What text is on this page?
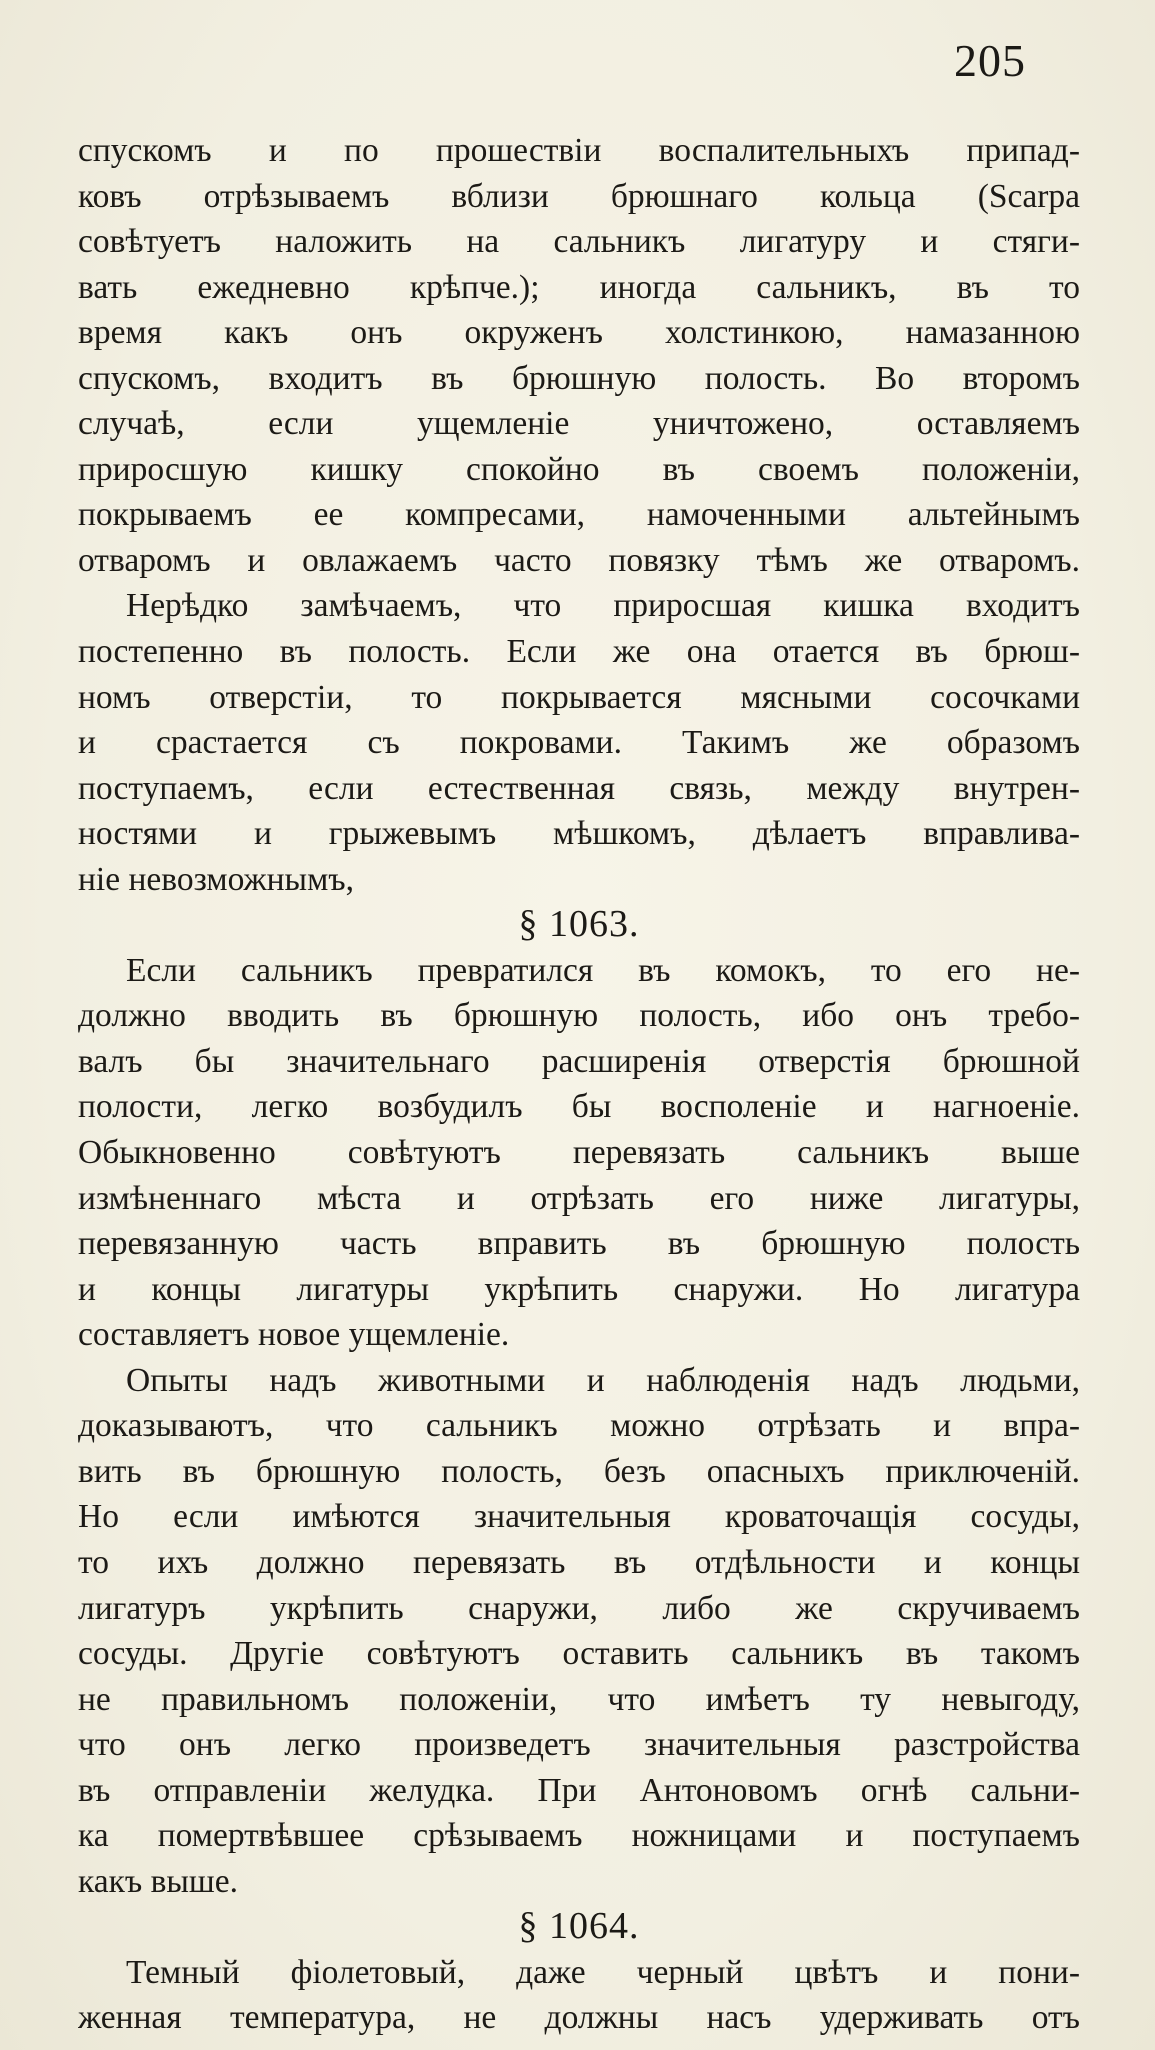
205
спускомъ и по прошествіи воспалительныхъ припад-
ковъ отрѣзываемъ вблизи брюшнаго кольца (Scarpa
совѣтуетъ наложить на сальникъ лигатуру и стяги-
вать ежедневно крѣпче.); иногда сальникъ, въ то
время какъ онъ окруженъ холстинкою, намазанною
спускомъ, входитъ въ брюшную полость. Во второмъ
случаѣ, если ущемленіе уничтожено, оставляемъ
приросшую кишку спокойно въ своемъ положеніи,
покрываемъ ее компресами, намоченными альтейнымъ
отваромъ и овлажаемъ часто повязку тѣмъ же отваромъ.
Нерѣдко замѣчаемъ, что приросшая кишка входитъ
постепенно въ полость. Если же она отается въ брюш-
номъ отверстіи, то покрывается мясными сосочками
и срастается съ покровами. Такимъ же образомъ
поступаемъ, если естественная связь, между внутрен-
ностями и грыжевымъ мѣшкомъ, дѣлаетъ вправлива-
ніе невозможнымъ,
§ 1063.
Если сальникъ превратился въ комокъ, то его не-
должно вводить въ брюшную полость, ибо онъ требо-
валъ бы значительнаго расширенія отверстія брюшной
полости, легко возбудилъ бы восполеніе и нагноеніе.
Обыкновенно совѣтуютъ перевязать сальникъ выше
измѣненнаго мѣста и отрѣзать его ниже лигатуры,
перевязанную часть вправить въ брюшную полость
и концы лигатуры укрѣпить снаружи. Но лигатура
составляетъ новое ущемленіе.
Опыты надъ животными и наблюденія надъ людьми,
доказываютъ, что сальникъ можно отрѣзать и впра-
вить въ брюшную полость, безъ опасныхъ приключеній.
Но если имѣются значительныя кроваточащія сосуды,
то ихъ должно перевязать въ отдѣльности и концы
лигатуръ укрѣпить снаружи, либо же скручиваемъ
сосуды. Другіе совѣтуютъ оставить сальникъ въ такомъ
не правильномъ положеніи, что имѣетъ ту невыгоду,
что онъ легко произведетъ значительныя разстройства
въ отправленіи желудка. При Антоновомъ огнѣ сальни-
ка помертвѣвшее срѣзываемъ ножницами и поступаемъ
какъ выше.
§ 1064.
Темный фіолетовый, даже черный цвѣтъ и пони-
женная температура, не должны насъ удерживать отъ
